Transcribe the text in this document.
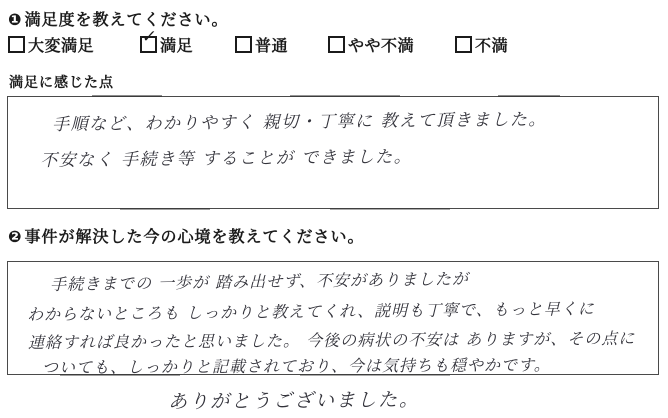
❶ 満足度を教えてください。
大変満足	✓ 満足	普通	やや不満	不満
満足に感じた点
手順など、わかりやすく 親切・丁寧に 教えて頂きました。
不安なく 手続き等 することが できました。
❷ 事件が解決した今の心境を教えてください。
手続きまでの 一歩が 踏み出せず、不安がありましたが
わからないところも しっかりと教えてくれ、説明も丁寧で、もっと早くに
連絡すれば良かったと思いました。 今後の病状の不安は ありますが、その点に
ついても、しっかりと記載されており、今は気持ちも穏やかです。
ありがとうございました。
